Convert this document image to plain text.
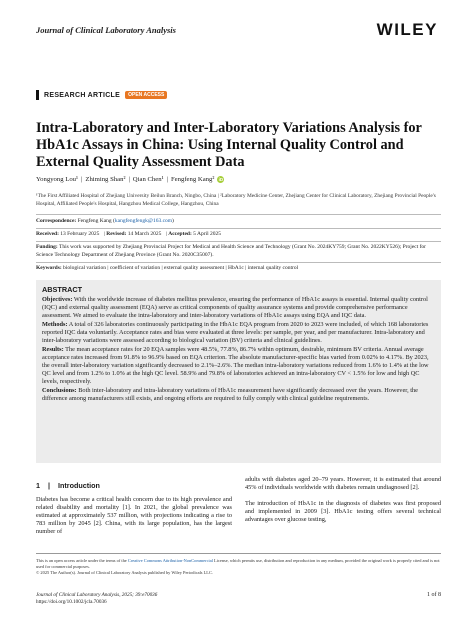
Journal of Clinical Laboratory Analysis	WILEY
RESEARCH ARTICLE	OPEN ACCESS
Intra-Laboratory and Inter-Laboratory Variations Analysis for HbA1c Assays in China: Using Internal Quality Control and External Quality Assessment Data
Yongyong Lou¹ | Zhiming Shan² | Qian Chen¹ | Fengfeng Kang² iD
¹The First Affiliated Hospital of Zhejiang University Beilun Branch, Ningbo, China | ²Laboratory Medicine Center, Zhejiang Center for Clinical Laboratory, Zhejiang Provincial People's Hospital, Affiliated People's Hospital, Hangzhou Medical College, Hangzhou, China
Correspondence: Fengfeng Kang (kangfengfengk@163.com)
Received: 13 February 2025 | Revised: 14 March 2025 | Accepted: 5 April 2025
Funding: This work was supported by Zhejiang Provincial Project for Medical and Health Science and Technology (Grant No. 2024KY759; Grant No. 2022KY526); Project for Science Technology Department of Zhejiang Province (Grant No. 2020C35007).
Keywords: biological variation | coefficient of variation | external quality assessment | HbA1c | internal quality control
ABSTRACT

Objectives: With the worldwide increase of diabetes mellitus prevalence, ensuring the performance of HbA1c assays is essential. Internal quality control (IQC) and external quality assessment (EQA) serve as critical components of quality assurance systems and provide comprehensive performance assessment. We aimed to evaluate the intra-laboratory and inter-laboratory variations of HbA1c assays using EQA and IQC data.

Methods: A total of 326 laboratories continuously participating in the HbA1c EQA program from 2020 to 2023 were included, of which 168 laboratories reported IQC data voluntarily. Acceptance rates and bias were evaluated at three levels: per sample, per year, and per manufacturer. Intra-laboratory and inter-laboratory variations were assessed according to biological variation (BV) criteria and clinical guidelines.

Results: The mean acceptance rates for 20 EQA samples were 48.5%, 77.8%, 86.7% within optimum, desirable, minimum BV criteria. Annual average acceptance rates increased from 91.8% to 96.9% based on EQA criterion. The absolute manufacturer-specific bias varied from 0.02% to 4.17%. By 2023, the overall inter-laboratory variation significantly decreased to 2.1%–2.6%. The median intra-laboratory variations reduced from 1.6% to 1.4% at the low QC level and from 1.2% to 1.0% at the high QC level. 58.9% and 79.8% of laboratories achieved an intra-laboratory CV < 1.5% for low and high QC levels, respectively.

Conclusions: Both inter-laboratory and intra-laboratory variations of HbA1c measurement have significantly decreased over the years. However, the difference among manufacturers still exists, and ongoing efforts are required to fully comply with clinical guideline requirements.

1 | Introduction

Diabetes has become a critical health concern due to its high prevalence and related disability and mortality [1]. In 2021, the global prevalence was estimated at approximately 537 million, with projections indicating a rise to 783 million by 2045 [2]. China, with its large population, has the largest number of

adults with diabetes aged 20–79 years. However, it is estimated that around 45% of individuals worldwide with diabetes remain undiagnosed [2].

The introduction of HbA1c in the diagnosis of diabetes was first proposed and implemented in 2009 [3]. HbA1c testing offers several technical advantages over glucose testing,

This is an open access article under the terms of the Creative Commons Attribution-NonCommercial License, which permits use, distribution and reproduction in any medium, provided the original work is properly cited and is not used for commercial purposes.
© 2025 The Author(s). Journal of Clinical Laboratory Analysis published by Wiley Periodicals LLC.
Journal of Clinical Laboratory Analysis, 2025; 39:e70036
https://doi.org/10.1002/jcla.70036
1 of 8
